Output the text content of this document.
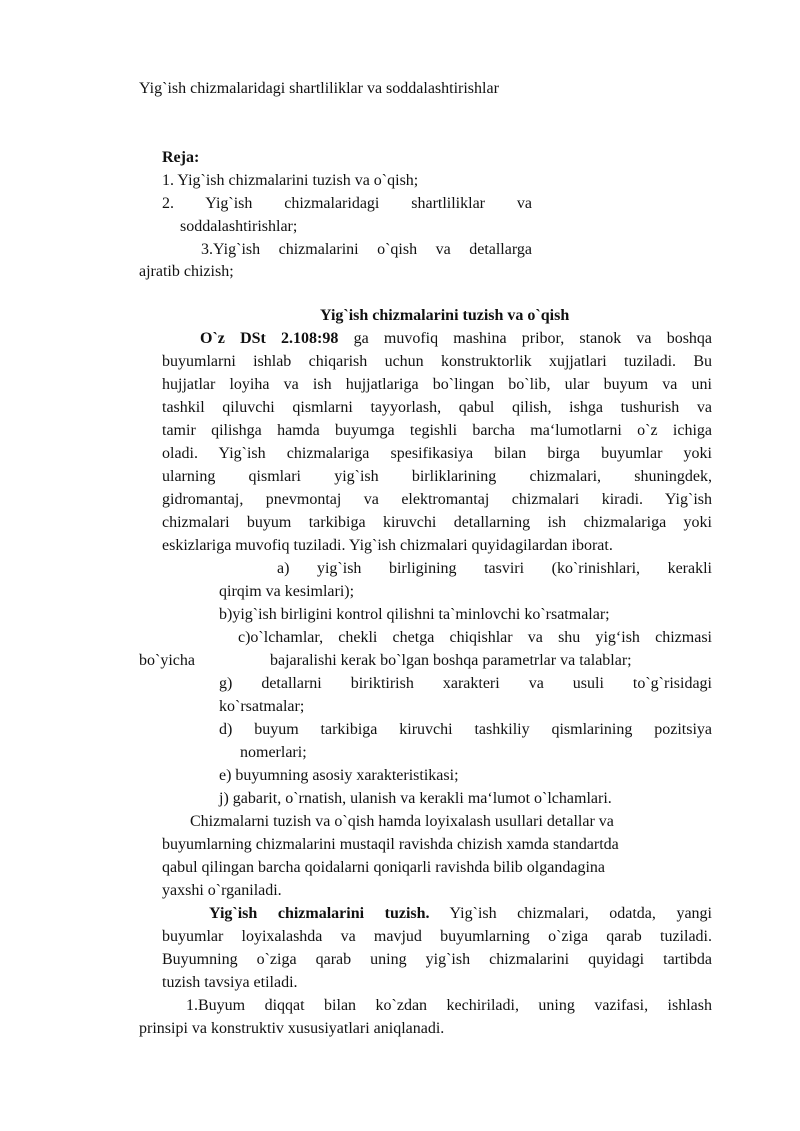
Yig`ish chizmalaridagi shartliliklar va soddalashtirishlar
Reja:
1. Yig`ish chizmalarini tuzish va o`qish;
2. Yig`ish chizmalaridagi shartliliklar va
soddalashtirishlar;
3.Yig`ish chizmalarini o`qish va detallarga
ajratib chizish;
Yig`ish chizmalarini tuzish va o`qish
O`z DSt 2.108:98 ga muvofiq mashina pribor, stanok va boshqa
buyumlarni ishlab chiqarish uchun konstruktorlik xujjatlari tuziladi. Bu
hujjatlar loyiha va ish hujjatlariga bo`lingan bo`lib, ular buyum va uni
tashkil qiluvchi qismlarni tayyorlash, qabul qilish, ishga tushurish va
tamir qilishga hamda buyumga tegishli barcha ma‘lumotlarni o`z ichiga
oladi. Yig`ish chizmalariga spesifikasiya bilan birga buyumlar yoki
ularning qismlari yig`ish birliklarining chizmalari, shuningdek,
gidromantaj, pnevmontaj va elektromantaj chizmalari kiradi. Yig`ish
chizmalari buyum tarkibiga kiruvchi detallarning ish chizmalariga yoki
eskizlariga muvofiq tuziladi. Yig`ish chizmalari quyidagilardan iborat.
a) yig`ish birligining tasviri (ko`rinishlari, kerakli
qirqim va kesimlari);
b)yig`ish birligini kontrol qilishni ta`minlovchi ko`rsatmalar;
c)o`lchamlar, chekli chetga chiqishlar va shu yig‘ish chizmasi
bo`yicha	bajaralishi kerak bo`lgan boshqa parametrlar va talablar;
g) detallarni biriktirish xarakteri va usuli to`g`risidagi
ko`rsatmalar;
d) buyum tarkibiga kiruvchi tashkiliy qismlarining pozitsiya
nomerlari;
e) buyumning asosiy xarakteristikasi;
j) gabarit, o`rnatish, ulanish va kerakli ma‘lumot o`lchamlari.
Chizmalarni tuzish va o`qish hamda loyixalash usullari detallar va
buyumlarning chizmalarini mustaqil ravishda chizish xamda standartda
qabul qilingan barcha qoidalarni qoniqarli ravishda bilib olgandagina
yaxshi o`rganiladi.
Yig`ish chizmalarini tuzish. Yig`ish chizmalari, odatda, yangi
buyumlar loyixalashda va mavjud buyumlarning o`ziga qarab tuziladi.
Buyumning o`ziga qarab uning yig`ish chizmalarini quyidagi tartibda
tuzish tavsiya etiladi.
1.Buyum diqqat bilan ko`zdan kechiriladi, uning vazifasi, ishlash
prinsipi va konstruktiv xususiyatlari aniqlanadi.
